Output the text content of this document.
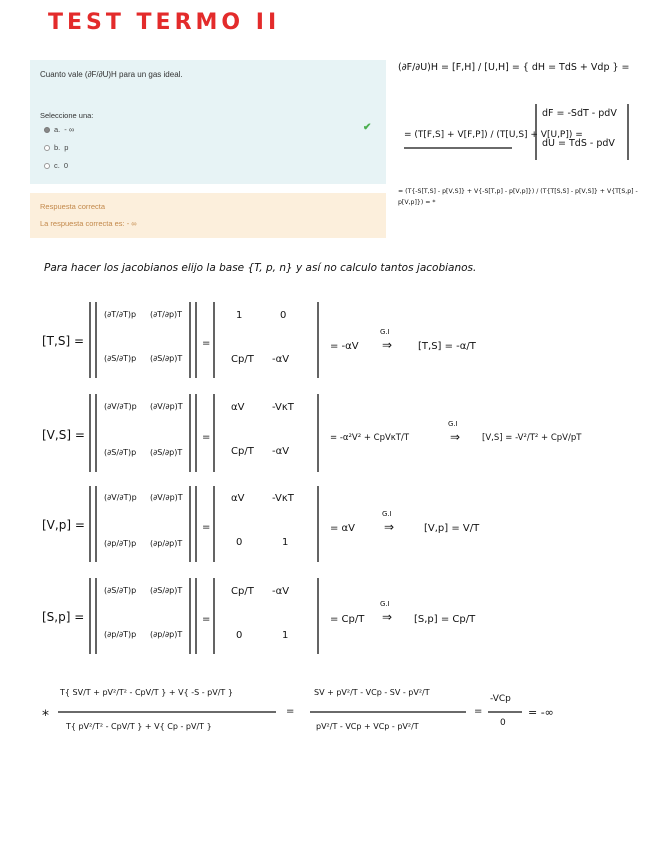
TEST TERMO II
Cuanto vale (∂F/∂U)H para un gas ideal.
Seleccione una:
a. - ∞
b. p
c. 0
✔
Respuesta correcta
La respuesta correcta es: - ∞
(∂F/∂U)H = [F,H] / [U,H] = { dH = TdS + Vdp } =
= (T[F,S] + V[F,P]) / (T[U,S] + V[U,P]) =
dF = -SdT - pdV
dU = TdS - pdV
= (T{-S[T,S] - p[V,S]} + V{-S[T,p] - p[V,p]}) / (T{T[S,S] - p[V,S]} + V{T[S,p] - p[V,p]}) = *
Para hacer los jacobianos elijo la base {T, p, n} y así no calculo tantos jacobianos.
[T,S] =
(∂T/∂T)p (∂T/∂p)T
(∂S/∂T)p (∂S/∂p)T
=
1	0
Cp/T -αV
= -αV
G.I
⇒	[T,S] = -α/T
[V,S] =
(∂V/∂T)p (∂V/∂p)T
(∂S/∂T)p (∂S/∂p)T
=
αV	-VκT
Cp/T -αV
= -α²V² + CpVκT/T
G.I
⇒	[V,S] = -V²/T² + CpV/pT
[V,p] =
(∂V/∂T)p (∂V/∂p)T
(∂p/∂T)p (∂p/∂p)T
=
αV	-VκT
0	1
= αV
G.I
⇒	[V,p] = V/T
[S,p] =
(∂S/∂T)p (∂S/∂p)T
(∂p/∂T)p (∂p/∂p)T
=
Cp/T -αV
0	1
= Cp/T
G.I
⇒ [S,p] = Cp/T
*
T{ SV/T + pV²/T² - CpV/T } + V{ -S - pV/T }
T{ pV²/T² - CpV/T } + V{ Cp - pV/T }
=
SV + pV²/T - VCp - SV - pV²/T
pV²/T - VCp + VCp - pV²/T
=
-VCp
0
= -∞
